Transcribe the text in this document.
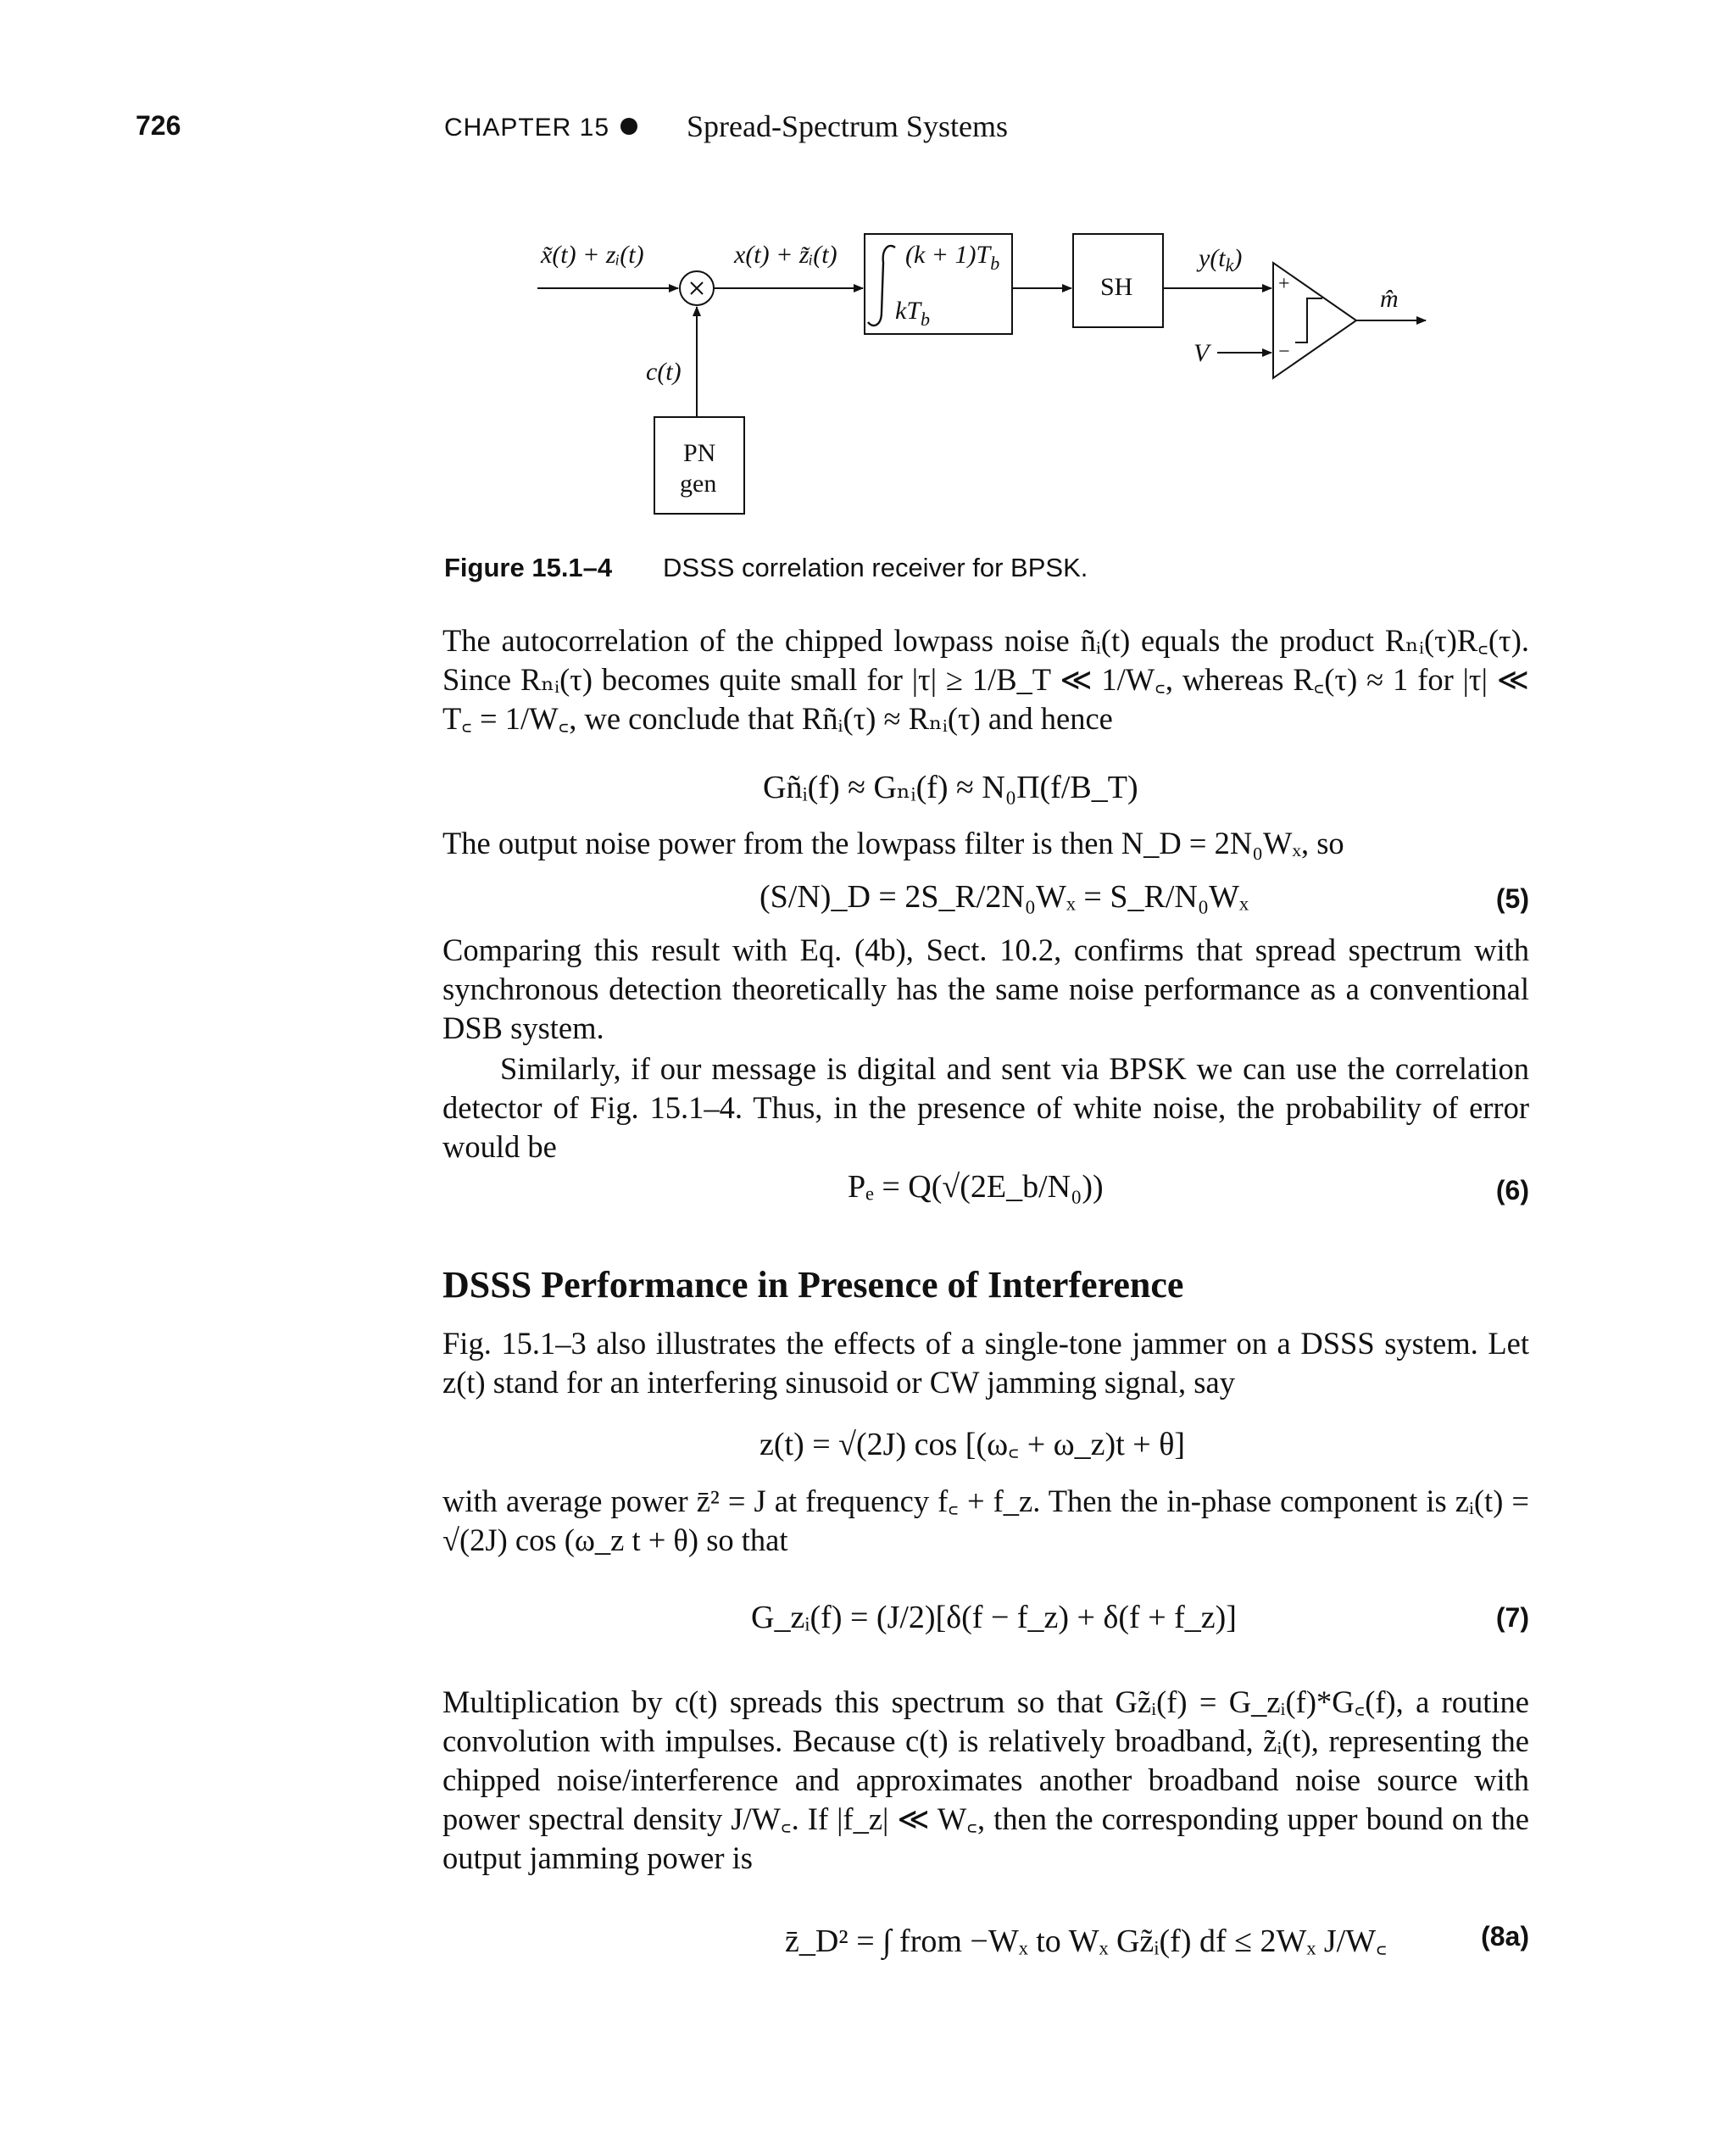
726	CHAPTER 15	Spread-Spectrum Systems
x̃(t) + zᵢ(t)	x(t) + z̃ᵢ(t)	$(k + 1)T_b$
$kT_b$
SH
$y(t_k)$
V
+
−
m̂
c(t)
PN
gen
Figure 15.1–4 DSSS correlation receiver for BPSK.

The autocorrelation of the chipped lowpass noise ñᵢ(t) equals the product Rₙᵢ(τ)R꜀(τ). Since Rₙᵢ(τ) becomes quite small for |τ| ≥ 1/B_T ≪ 1/W꜀, whereas R꜀(τ) ≈ 1 for |τ| ≪ T꜀ = 1/W꜀, we conclude that Rñᵢ(τ) ≈ Rₙᵢ(τ) and hence

Gñᵢ(f) ≈ Gₙᵢ(f) ≈ N₀Π(f/B_T)

The output noise power from the lowpass filter is then N_D = 2N₀Wₓ, so

(S/N)_D = 2S_R/2N₀Wₓ = S_R/N₀Wₓ	(5)

Comparing this result with Eq. (4b), Sect. 10.2, confirms that spread spectrum with synchronous detection theoretically has the same noise performance as a conventional DSB system.

Similarly, if our message is digital and sent via BPSK we can use the correlation detector of Fig. 15.1–4. Thus, in the presence of white noise, the probability of error would be

Pₑ = Q(√(2E_b/N₀))	(6)
DSSS Performance in Presence of Interference

Fig. 15.1–3 also illustrates the effects of a single-tone jammer on a DSSS system. Let z(t) stand for an interfering sinusoid or CW jamming signal, say

z(t) = √(2J) cos [(ω꜀ + ω_z)t + θ]

with average power z̄² = J at frequency f꜀ + f_z. Then the in-phase component is zᵢ(t) = √(2J) cos (ω_z t + θ) so that

G_zᵢ(f) = (J/2)[δ(f − f_z) + δ(f + f_z)]	(7)

Multiplication by c(t) spreads this spectrum so that Gz̃ᵢ(f) = G_zᵢ(f)*G꜀(f), a routine convolution with impulses. Because c(t) is relatively broadband, z̃ᵢ(t), representing the chipped noise/interference and approximates another broadband noise source with power spectral density J/W꜀. If |f_z| ≪ W꜀, then the corresponding upper bound on the output jamming power is

z̄_D² = ∫ from −Wₓ to Wₓ Gz̃ᵢ(f) df ≤ 2Wₓ J/W꜀	(8a)
